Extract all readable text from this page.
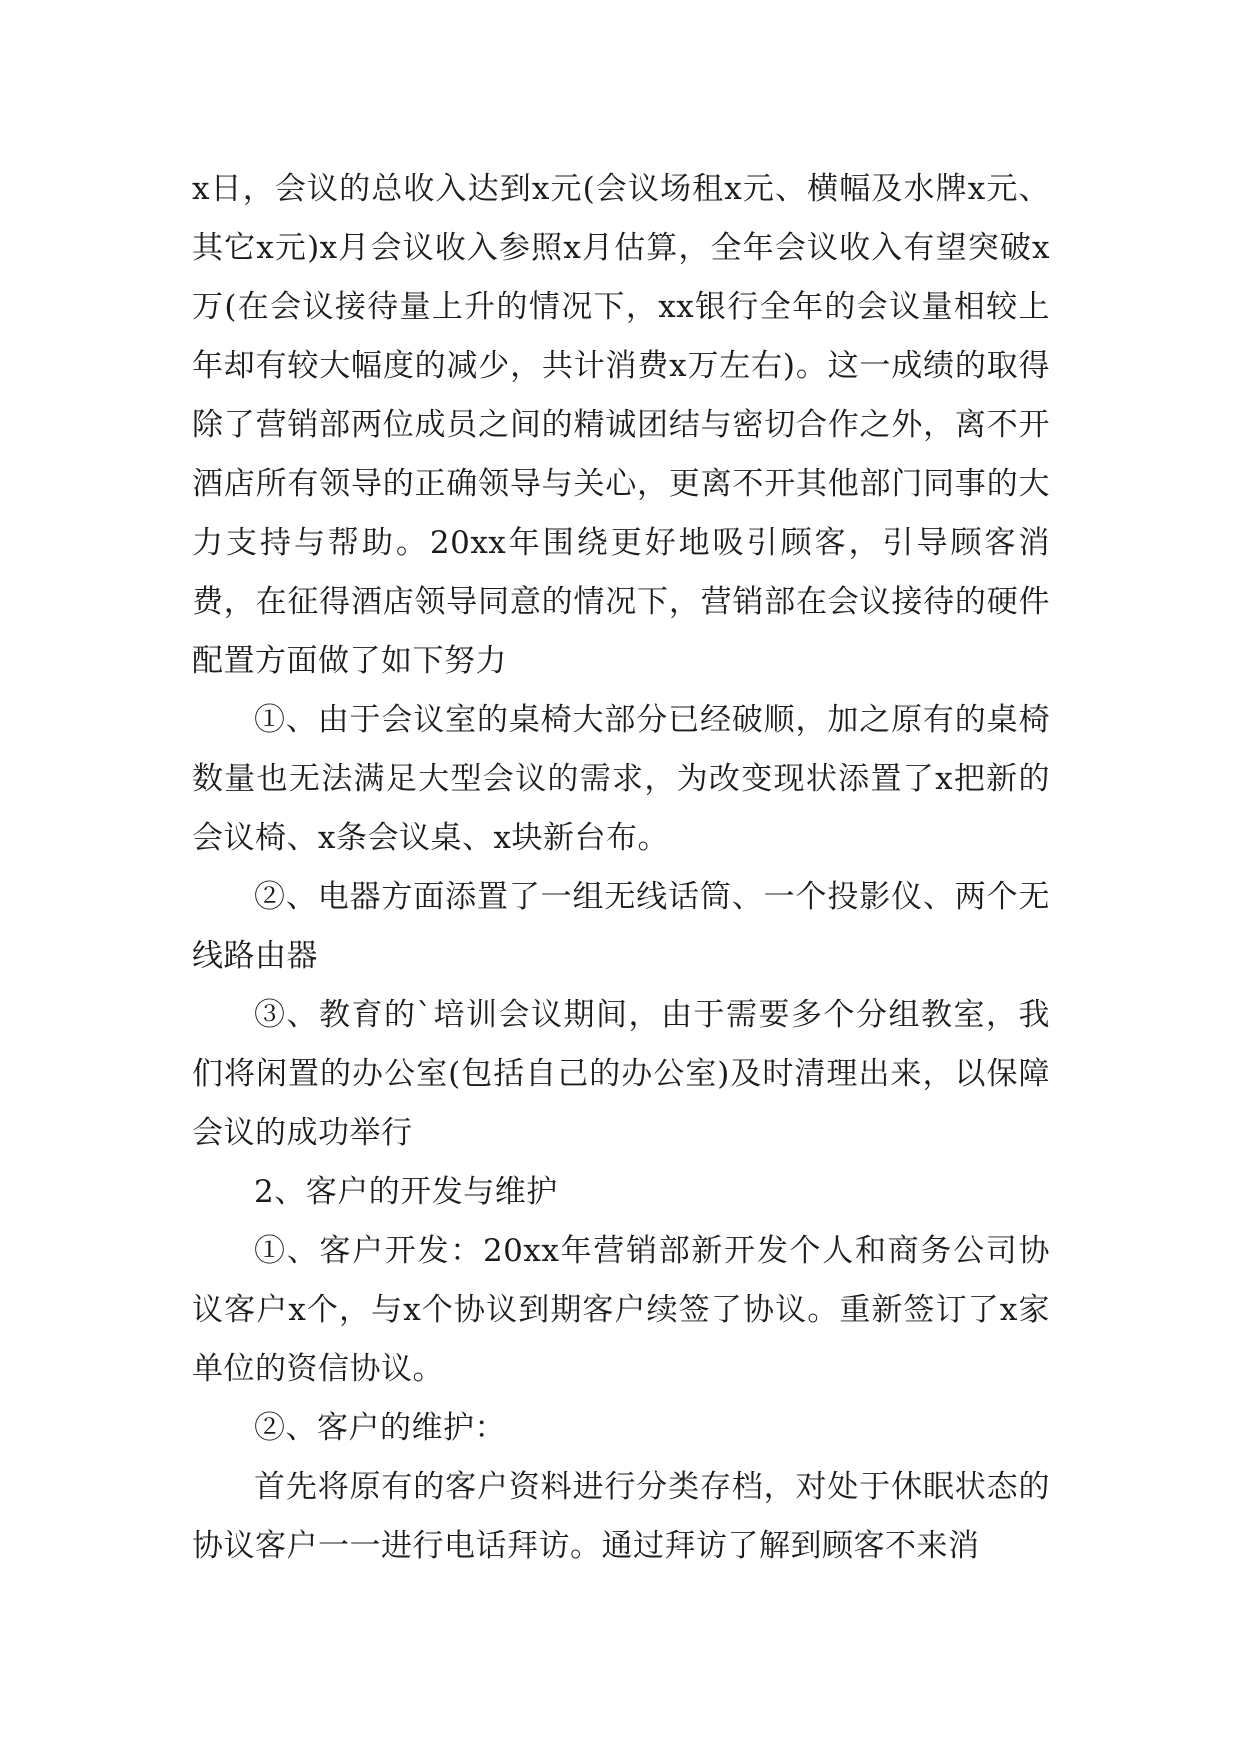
x日，会议的总收入达到x元(会议场租x元、横幅及水牌x元、其它x元)x月会议收入参照x月估算，全年会议收入有望突破x万(在会议接待量上升的情况下，xx银行全年的会议量相较上年却有较大幅度的减少，共计消费x万左右)。这一成绩的取得除了营销部两位成员之间的精诚团结与密切合作之外，离不开酒店所有领导的正确领导与关心，更离不开其他部门同事的大力支持与帮助。20xx年围绕更好地吸引顾客，引导顾客消费，在征得酒店领导同意的情况下，营销部在会议接待的硬件配置方面做了如下努力

①、由于会议室的桌椅大部分已经破顺，加之原有的桌椅数量也无法满足大型会议的需求，为改变现状添置了x把新的会议椅、x条会议桌、x块新台布。

②、电器方面添置了一组无线话筒、一个投影仪、两个无线路由器

③、教育的`培训会议期间，由于需要多个分组教室，我们将闲置的办公室(包括自己的办公室)及时清理出来，以保障会议的成功举行

2、客户的开发与维护

①、客户开发：20xx年营销部新开发个人和商务公司协议客户x个，与x个协议到期客户续签了协议。重新签订了x家单位的资信协议。

②、客户的维护：

首先将原有的客户资料进行分类存档，对处于休眠状态的协议客户一一进行电话拜访。通过拜访了解到顾客不来消
